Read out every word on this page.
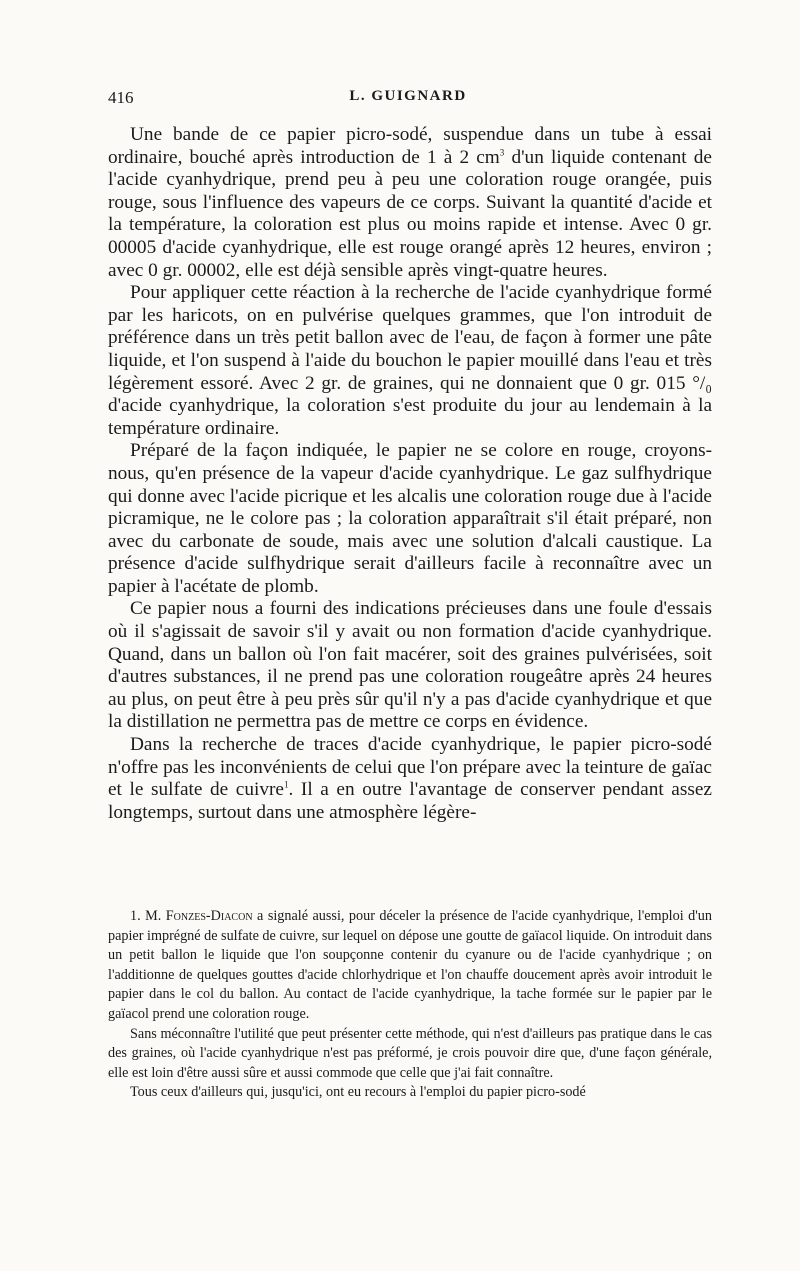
416	L. GUIGNARD

Une bande de ce papier picro-sodé, suspendue dans un tube à essai ordinaire, bouché après introduction de 1 à 2 $cm^3$ d'un liquide contenant de l'acide cyanhydrique, prend peu à peu une coloration rouge orangée, puis rouge, sous l'influence des vapeurs de ce corps. Suivant la quantité d'acide et la température, la coloration est plus ou moins rapide et intense. Avec 0 gr. 00005 d'acide cyanhydrique, elle est rouge orangé après 12 heures, environ ; avec 0 gr. 00002, elle est déjà sensible après vingt-quatre heures.

Pour appliquer cette réaction à la recherche de l'acide cyanhydrique formé par les haricots, on en pulvérise quelques grammes, que l'on introduit de préférence dans un très petit ballon avec de l'eau, de façon à former une pâte liquide, et l'on suspend à l'aide du bouchon le papier mouillé dans l'eau et très légèrement essoré. Avec 2 gr. de graines, qui ne donnaient que 0 gr. 015 °/₀ d'acide cyanhydrique, la coloration s'est produite du jour au lendemain à la température ordinaire.

Préparé de la façon indiquée, le papier ne se colore en rouge, croyons-nous, qu'en présence de la vapeur d'acide cyanhydrique. Le gaz sulfhydrique qui donne avec l'acide picrique et les alcalis une coloration rouge due à l'acide picramique, ne le colore pas ; la coloration apparaîtrait s'il était préparé, non avec du carbonate de soude, mais avec une solution d'alcali caustique. La présence d'acide sulfhydrique serait d'ailleurs facile à reconnaître avec un papier à l'acétate de plomb.

Ce papier nous a fourni des indications précieuses dans une foule d'essais où il s'agissait de savoir s'il y avait ou non formation d'acide cyanhydrique. Quand, dans un ballon où l'on fait macérer, soit des graines pulvérisées, soit d'autres substances, il ne prend pas une coloration rougeâtre après 24 heures au plus, on peut être à peu près sûr qu'il n'y a pas d'acide cyanhydrique et que la distillation ne permettra pas de mettre ce corps en évidence.

Dans la recherche de traces d'acide cyanhydrique, le papier picro-sodé n'offre pas les inconvénients de celui que l'on prépare avec la teinture de gaïac et le sulfate de cuivre$^1$. Il a en outre l'avantage de conserver pendant assez longtemps, surtout dans une atmosphère légère-

1. M. Fonzes-Diacon a signalé aussi, pour déceler la présence de l'acide cyanhydrique, l'emploi d'un papier imprégné de sulfate de cuivre, sur lequel on dépose une goutte de gaïacol liquide. On introduit dans un petit ballon le liquide que l'on soupçonne contenir du cyanure ou de l'acide cyanhydrique ; on l'additionne de quelques gouttes d'acide chlorhydrique et l'on chauffe doucement après avoir introduit le papier dans le col du ballon. Au contact de l'acide cyanhydrique, la tache formée sur le papier par le gaïacol prend une coloration rouge.

Sans méconnaître l'utilité que peut présenter cette méthode, qui n'est d'ailleurs pas pratique dans le cas des graines, où l'acide cyanhydrique n'est pas préformé, je crois pouvoir dire que, d'une façon générale, elle est loin d'être aussi sûre et aussi commode que celle que j'ai fait connaître.

Tous ceux d'ailleurs qui, jusqu'ici, ont eu recours à l'emploi du papier picro-sodé
